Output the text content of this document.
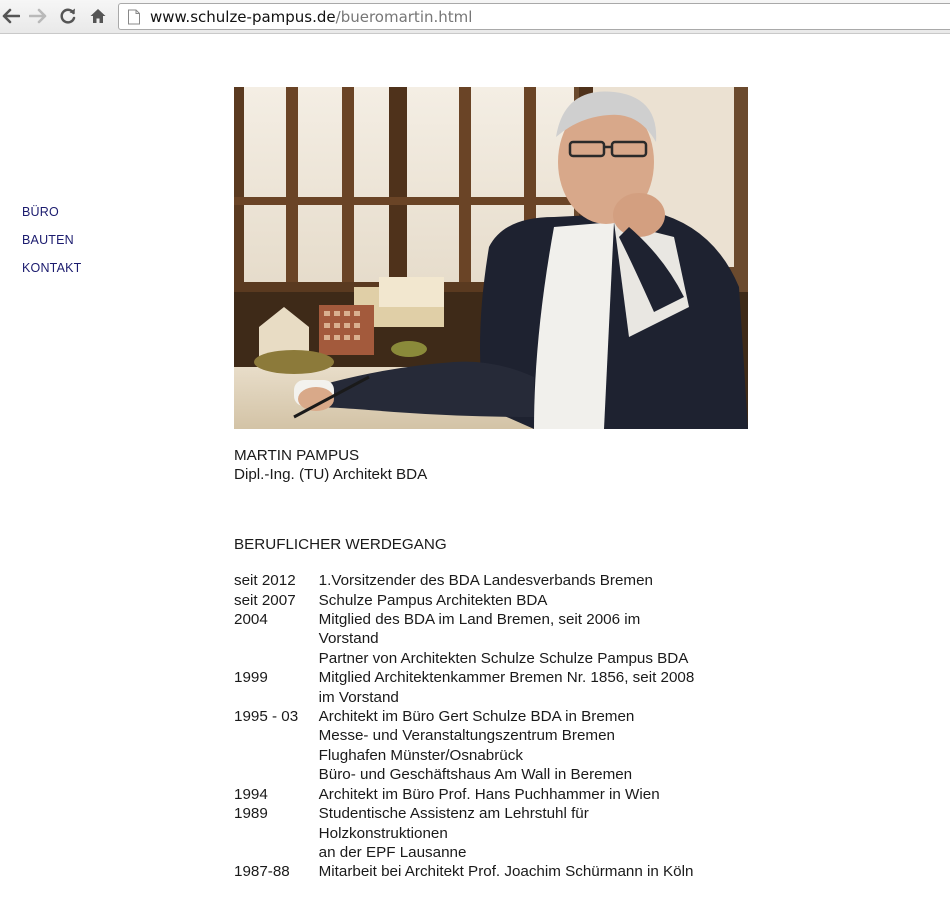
www.schulze-pampus.de/bueromartin.html
BÜRO
BAUTEN
KONTAKT
MARTIN PAMPUS
Dipl.-Ing. (TU) Architekt BDA
BERUFLICHER WERDEGANG
seit 2012	1.Vorsitzender des BDA Landesverbands Bremen

seit 2007	Schulze Pampus Architekten BDA

2004	Mitglied des BDA im Land Bremen, seit 2006 im
Vorstand
Partner von Architekten Schulze Schulze Pampus BDA

1999	Mitglied Architektenkammer Bremen Nr. 1856, seit 2008
im Vorstand

1995 - 03	Architekt im Büro Gert Schulze BDA in Bremen
Messe- und Veranstaltungszentrum Bremen
Flughafen Münster/Osnabrück
Büro- und Geschäftshaus Am Wall in Beremen

1994	Architekt im Büro Prof. Hans Puchhammer in Wien

1989	Studentische Assistenz am Lehrstuhl für
Holzkonstruktionen
an der EPF Lausanne

1987-88	Mitarbeit bei Architekt Prof. Joachim Schürmann in Köln
